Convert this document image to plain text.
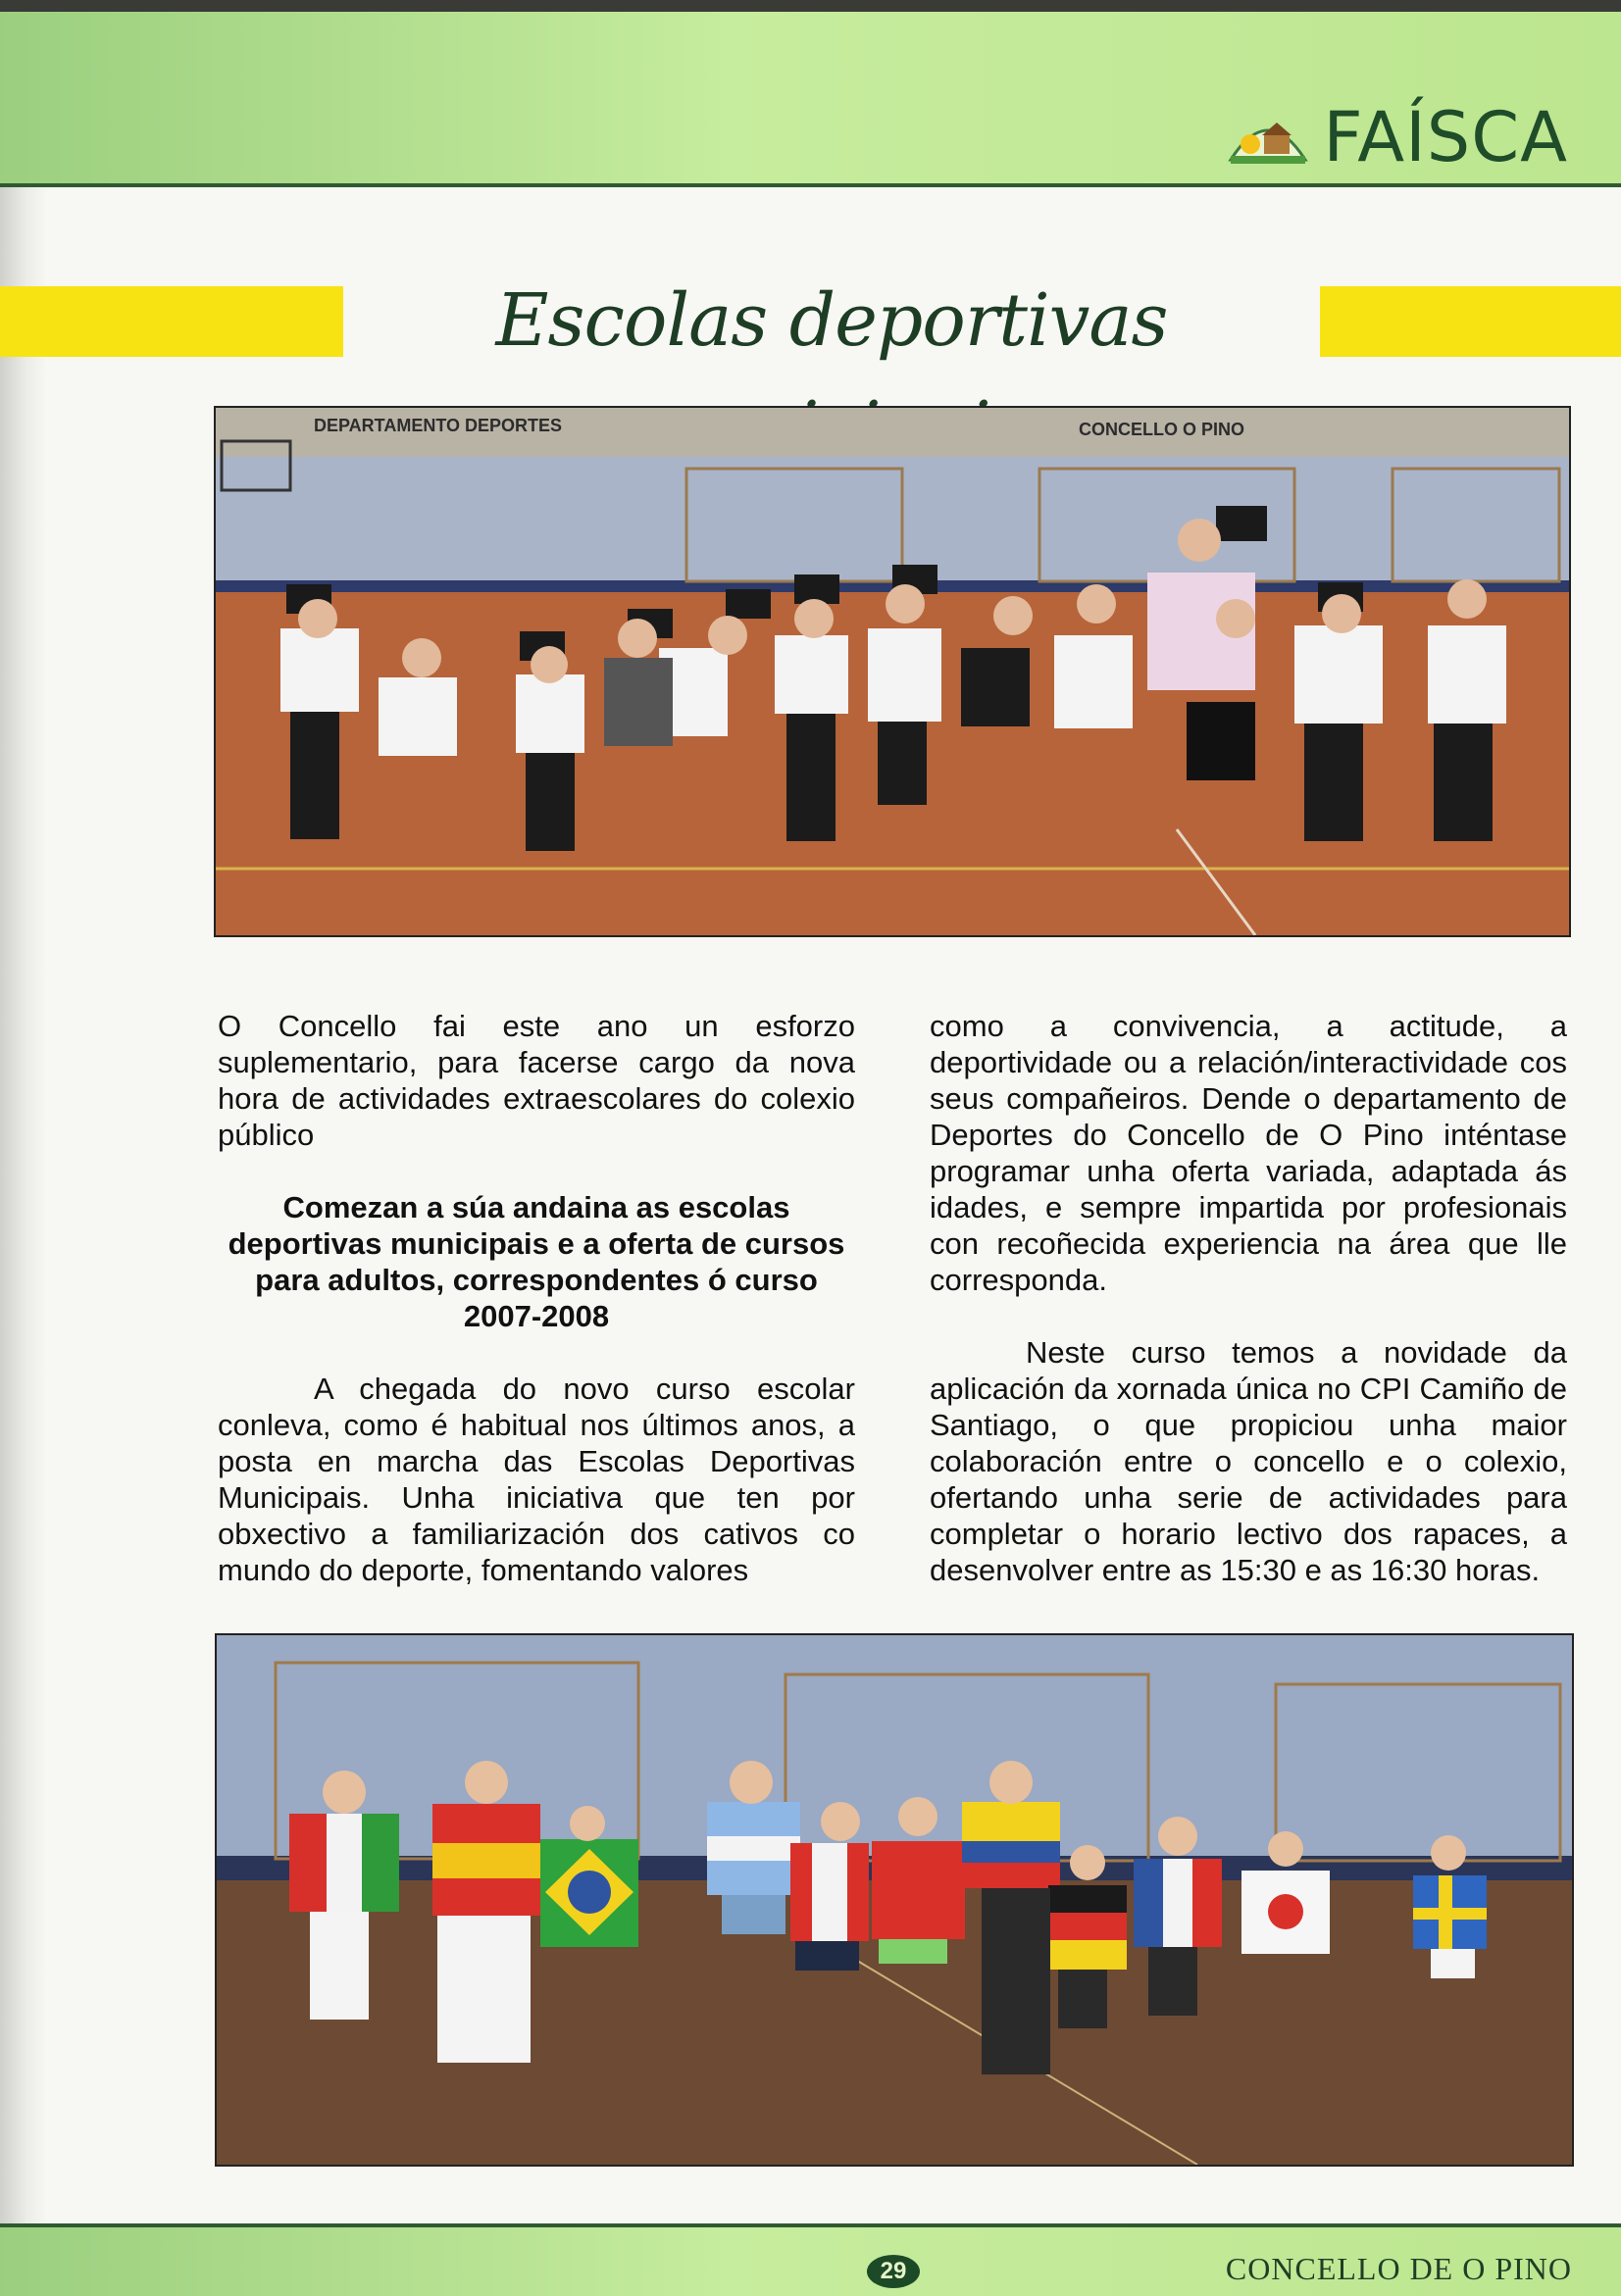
FAÍSCA
Escolas deportivas
DEPARTAMENTO DEPORTES	CONCELLO O PINO

O Concello fai este ano un esforzo suplementario, para facerse cargo da nova hora de actividades extraescolares do colexio público

Comezan a súa andaina as escolas deportivas municipais e a oferta de cursos para adultos, correspondentes ó curso 2007-2008

A chegada do novo curso escolar conleva, como é habitual nos últimos anos, a posta en marcha das Escolas Deportivas Municipais. Unha iniciativa que ten por obxectivo a familiarización dos cativos co mundo do deporte, fomentando valores

como a convivencia, a actitude, a deportividade ou a relación/interactividade cos seus compañeiros. Dende o departamento de Deportes do Concello de O Pino inténtase programar unha oferta variada, adaptada ás idades, e sempre impartida por profesionais con recoñecida experiencia na área que lle corresponda.

Neste curso temos a novidade da aplicación da xornada única no CPI Camiño de Santiago, o que propiciou unha maior colaboración entre o concello e o colexio, ofertando unha serie de actividades para completar o horario lectivo dos rapaces, a desenvolver entre as 15:30 e as 16:30 horas.

29	CONCELLO DE O PINO
